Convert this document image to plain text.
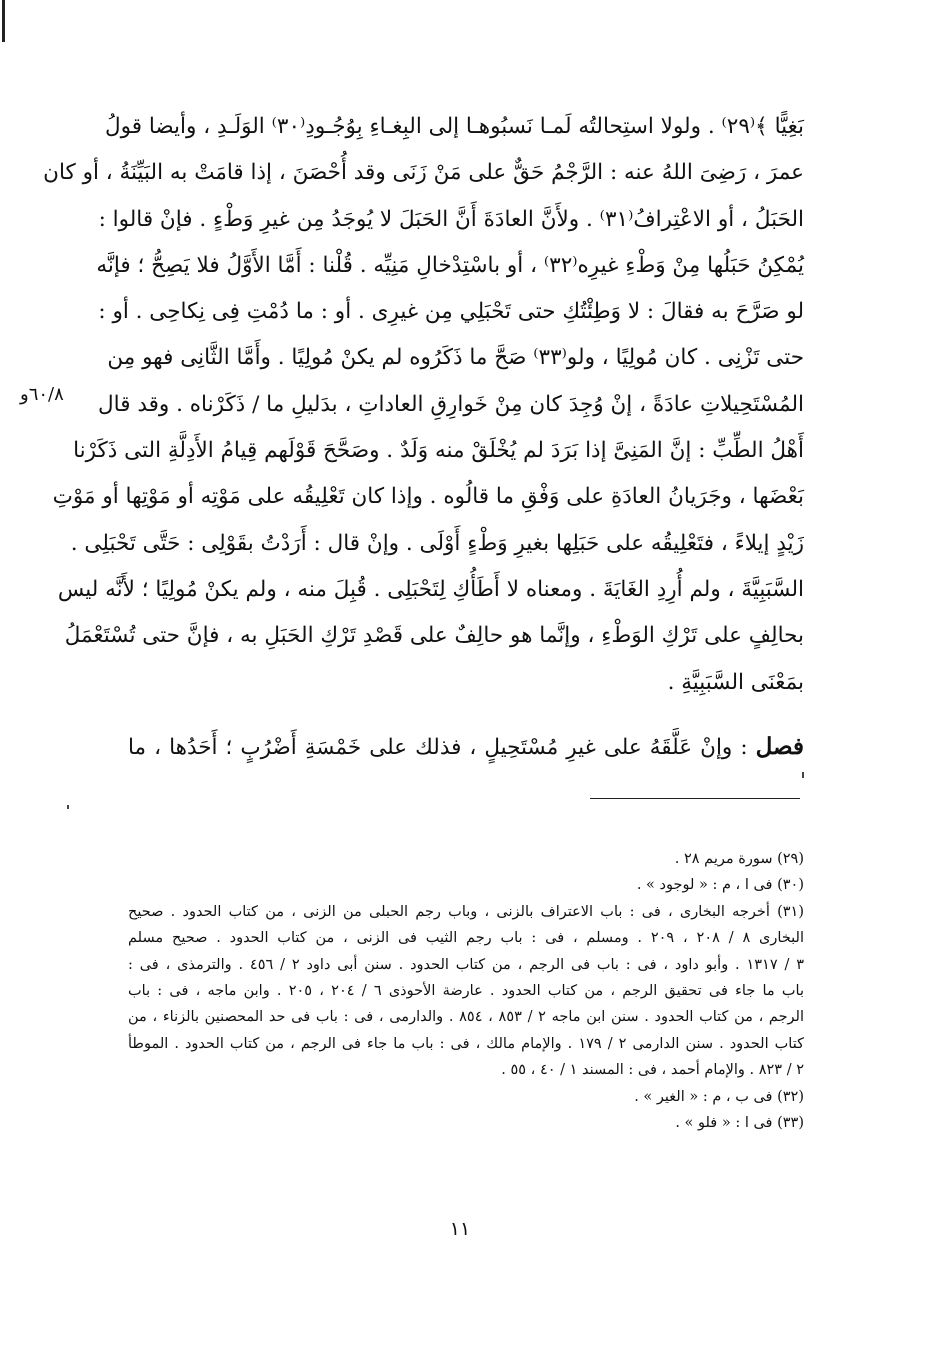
٦٠/٨و
بَغِيًّا ﴾⁽٢٩⁾ . ولولا استِحالتُه لَمـا نَسبُوهـا إلى البِغـاءِ بِوُجُـودِ⁽٣٠⁾ الوَلَـدِ ، وأيضا قولُ
عمرَ ، رَضِىَ اللهُ عنه : الرَّجْمُ حَقٌّ على مَنْ زَنَى وقد أُحْصَنَ ، إذا قامَتْ به البَيِّنَةُ ، أو كان
الحَبَلُ ، أو الاعْتِرافُ⁽٣١⁾ . ولأَنَّ العادَةَ أَنَّ الحَبَلَ لا يُوجَدُ مِن غيرِ وَطْءٍ . فإنْ قالوا :
يُمْكِنُ حَبَلُها مِنْ وَطْءِ غيرِه⁽٣٢⁾ ، أو باسْتِدْخالِ مَنِيِّه . قُلْنا : أَمَّا الأَوَّلُ فلا يَصِحُّ ؛ فإنَّه
لو صَرَّحَ به فقالَ : لا وَطِئْتُكِ حتى تَحْبَلِي مِن غيرِى . أو : ما دُمْتِ فِى نِكاحِى . أو :
حتى تَزْنِى . كان مُولِيًا ، ولو⁽٣٣⁾ صَحَّ ما ذَكَرُوه لم يكنْ مُولِيًا . وأَمَّا الثَّانِى فهو مِن
المُسْتَحِيلاتِ عادَةً ، إنْ وُجِدَ كان مِنْ خَوارِقِ العاداتِ ، بدَليلِ ما / ذَكَرْناه . وقد قال
أَهْلُ الطِّبِّ : إنَّ المَنِىَّ إذا بَرَدَ لم يُخْلَقْ منه وَلَدٌ . وصَحَّحَ قَوْلَهم قِيامُ الأَدِلَّةِ التى ذَكَرْنا
بَعْضَها ، وجَرَيانُ العادَةِ على وَفْقِ ما قالُوه . وإذا كان تَعْلِيقُه على مَوْتِه أو مَوْتِها أو مَوْتِ
زَيْدٍ إيلاءً ، فتَعْلِيقُه على حَبَلِها بغيرِ وَطْءٍ أَوْلَى . وإنْ قال : أَرَدْتُ بقَوْلِى : حَتَّى تَحْبَلِى .
السَّبَبِيَّةَ ، ولم أُرِدِ الغَايَةَ . ومعناه لا أَطَأُكِ لِتَحْبَلِى . قُبِلَ منه ، ولم يكنْ مُولِيًا ؛ لأَنَّه ليس
بحالِفٍ على تَرْكِ الوَطْءِ ، وإنَّما هو حالِفٌ على قَصْدِ تَرْكِ الحَبَلِ به ، فإنَّ حتى تُسْتَعْمَلُ
بمَعْنَى السَّبَبِيَّةِ .
فصل : وإنْ عَلَّقَهُ على غيرِ مُسْتَحِيلٍ ، فذلك على خَمْسَةِ أَضْرُبٍ ؛ أَحَدُها ، ما
(٢٩) سورة مريم ٢٨ .
(٣٠) فى ا ، م : « لوجود » .
(٣١) أخرجه البخارى ، فى : باب الاعتراف بالزنى ، وباب رجم الحبلى من الزنى ، من كتاب الحدود . صحيح
البخارى ٨ / ٢٠٨ ، ٢٠٩ . ومسلم ، فى : باب رجم الثيب فى الزنى ، من كتاب الحدود . صحيح مسلم
٣ / ١٣١٧ . وأبو داود ، فى : باب فى الرجم ، من كتاب الحدود . سنن أبى داود ٢ / ٤٥٦ . والترمذى ، فى :
باب ما جاء فى تحقيق الرجم ، من كتاب الحدود . عارضة الأحوذى ٦ / ٢٠٤ ، ٢٠٥ . وابن ماجه ، فى : باب
الرجم ، من كتاب الحدود . سنن ابن ماجه ٢ / ٨٥٣ ، ٨٥٤ . والدارمى ، فى : باب فى حد المحصنين بالزناء ، من
كتاب الحدود . سنن الدارمى ٢ / ١٧٩ . والإمام مالك ، فى : باب ما جاء فى الرجم ، من كتاب الحدود . الموطأ
٢ / ٨٢٣ . والإمام أحمد ، فى : المسند ١ / ٤٠ ، ٥٥ .
(٣٢) فى ب ، م : « الغير » .
(٣٣) فى ا : « فلو » .
١١
